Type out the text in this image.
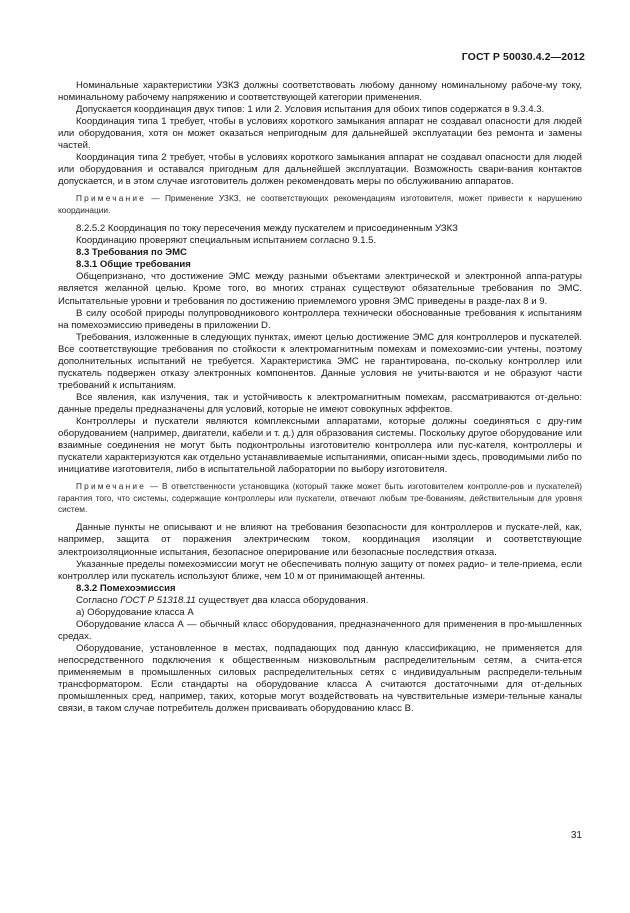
ГОСТ Р 50030.4.2—2012

Номинальные характеристики УЗКЗ должны соответствовать любому данному номинальному рабоче-му току, номинальному рабочему напряжению и соответствующей категории применения.

Допускается координация двух типов: 1 или 2. Условия испытания для обоих типов содержатся в 9.3.4.3.

Координация типа 1 требует, чтобы в условиях короткого замыкания аппарат не создавал опасности для людей или оборудования, хотя он может оказаться непригодным для дальнейшей эксплуатации без ремонта и замены частей.

Координация типа 2 требует, чтобы в условиях короткого замыкания аппарат не создавал опасности для людей или оборудования и оставался пригодным для дальнейшей эксплуатации. Возможность свари-вания контактов допускается, и в этом случае изготовитель должен рекомендовать меры по обслуживанию аппаратов.

Примечание — Применение УЗКЗ, не соответствующих рекомендациям изготовителя, может привести к нарушению координации.

8.2.5.2 Координация по току пересечения между пускателем и присоединенным УЗКЗ

Координацию проверяют специальным испытанием согласно 9.1.5.

8.3 Требования по ЭМС

8.3.1 Общие требования

Общепризнано, что достижение ЭМС между разными объектами электрической и электронной аппа-ратуры является желанной целью. Кроме того, во многих странах существуют обязательные требования по ЭМС. Испытательные уровни и требования по достижению приемлемого уровня ЭМС приведены в разде-лах 8 и 9.

В силу особой природы полупроводникового контроллера технически обоснованные требования к испытаниям на помехоэмиссию приведены в приложении D.

Требования, изложенные в следующих пунктах, имеют целью достижение ЭМС для контроллеров и пускателей. Все соответствующие требования по стойкости к электромагнитным помехам и помехоэмис-сии учтены, поэтому дополнительных испытаний не требуется. Характеристика ЭМС не гарантирована, по-скольку контроллер или пускатель подвержен отказу электронных компонентов. Данные условия не учиты-ваются и не образуют части требований к испытаниям.

Все явления, как излучения, так и устойчивость к электромагнитным помехам, рассматриваются от-дельно: данные пределы предназначены для условий, которые не имеют совокупных эффектов.

Контроллеры и пускатели являются комплексными аппаратами, которые должны соединяться с дру-гим оборудованием (например, двигатели, кабели и т. д.) для образования системы. Поскольку другое оборудование или взаимные соединения не могут быть подконтрольны изготовителю контроллера или пус-кателя, контроллеры и пускатели характеризуются как отдельно устанавливаемые испытаниями, описан-ными здесь, проводимыми либо по инициативе изготовителя, либо в испытательной лаборатории по выбору изготовителя.

Примечание — В ответственности установщика (который также может быть изготовителем контролле-ров и пускателей) гарантия того, что системы, содержащие контроллеры или пускатели, отвечают любым тре-бованиям, действительным для уровня систем.

Данные пункты не описывают и не влияют на требования безопасности для контроллеров и пускате-лей, как, например, защита от поражения электрическим током, координация изоляции и соответствующие электроизоляционные испытания, безопасное оперирование или безопасные последствия отказа.

Указанные пределы помехоэмиссии могут не обеспечивать полную защиту от помех радио- и теле-приема, если контроллер или пускатель используют ближе, чем 10 м от принимающей антенны.

8.3.2 Помехоэмиссия

Согласно ГОСТ Р 51318.11 существует два класса оборудования.

а) Оборудование класса А

Оборудование класса А — обычный класс оборудования, предназначенного для применения в про-мышленных средах.

Оборудование, установленное в местах, подпадающих под данную классификацию, не применяется для непосредственного подключения к общественным низковольтным распределительным сетям, а счита-ется применяемым в промышленных силовых распределительных сетях с индивидуальным распредели-тельным трансформатором. Если стандарты на оборудование класса А считаются достаточными для от-дельных промышленных сред, например, таких, которые могут воздействовать на чувствительные измери-тельные каналы связи, в таком случае потребитель должен присваивать оборудованию класс B.

31
